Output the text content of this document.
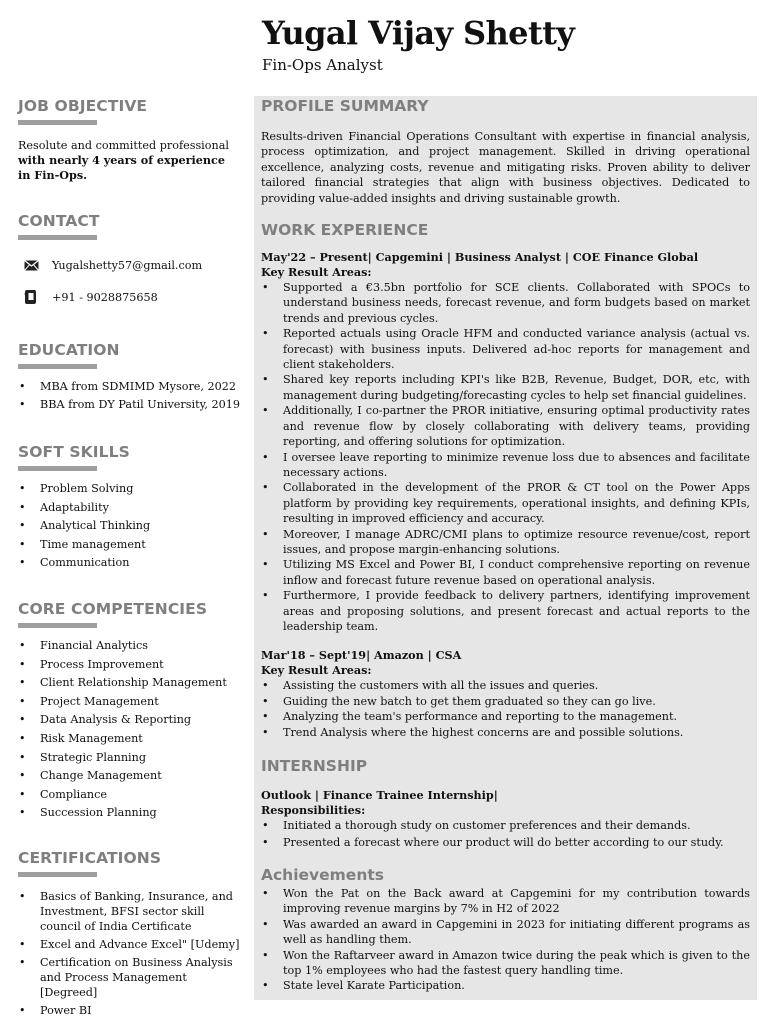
Yugal Vijay Shetty
Fin-Ops Analyst
JOB OBJECTIVE
Resolute and committed professional with nearly 4 years of experience in Fin-Ops.
CONTACT
Yugalshetty57@gmail.com
+91 - 9028875658
EDUCATION
• MBA from SDMIMD Mysore, 2022
• BBA from DY Patil University, 2019
SOFT SKILLS
• Problem Solving
• Adaptability
• Analytical Thinking
• Time management
• Communication
CORE COMPETENCIES
• Financial Analytics
• Process Improvement
• Client Relationship Management
• Project Management
• Data Analysis & Reporting
• Risk Management
• Strategic Planning
• Change Management
• Compliance
• Succession Planning
CERTIFICATIONS
• Basics of Banking, Insurance, and Investment, BFSI sector skill council of India Certificate
• Excel and Advance Excel" [Udemy]
• Certification on Business Analysis and Process Management [Degreed]
• Power BI
PROFILE SUMMARY
Results-driven Financial Operations Consultant with expertise in financial analysis, process optimization, and project management. Skilled in driving operational excellence, analyzing costs, revenue and mitigating risks. Proven ability to deliver tailored financial strategies that align with business objectives. Dedicated to providing value-added insights and driving sustainable growth.
WORK EXPERIENCE
May'22 – Present| Capgemini | Business Analyst | COE Finance Global
Key Result Areas:
• Supported a €3.5bn portfolio for SCE clients. Collaborated with SPOCs to understand business needs, forecast revenue, and form budgets based on market trends and previous cycles.
• Reported actuals using Oracle HFM and conducted variance analysis (actual vs. forecast) with business inputs. Delivered ad-hoc reports for management and client stakeholders.
• Shared key reports including KPI's like B2B, Revenue, Budget, DOR, etc, with management during budgeting/forecasting cycles to help set financial guidelines.
• Additionally, I co-partner the PROR initiative, ensuring optimal productivity rates and revenue flow by closely collaborating with delivery teams, providing reporting, and offering solutions for optimization.
• I oversee leave reporting to minimize revenue loss due to absences and facilitate necessary actions.
• Collaborated in the development of the PROR & CT tool on the Power Apps platform by providing key requirements, operational insights, and defining KPIs, resulting in improved efficiency and accuracy.
• Moreover, I manage ADRC/CMI plans to optimize resource revenue/cost, report issues, and propose margin-enhancing solutions.
• Utilizing MS Excel and Power BI, I conduct comprehensive reporting on revenue inflow and forecast future revenue based on operational analysis.
• Furthermore, I provide feedback to delivery partners, identifying improvement areas and proposing solutions, and present forecast and actual reports to the leadership team.
Mar'18 – Sept'19| Amazon | CSA
Key Result Areas:
• Assisting the customers with all the issues and queries.
• Guiding the new batch to get them graduated so they can go live.
• Analyzing the team's performance and reporting to the management.
• Trend Analysis where the highest concerns are and possible solutions.
INTERNSHIP
Outlook | Finance Trainee Internship|
Responsibilities:
• Initiated a thorough study on customer preferences and their demands.
• Presented a forecast where our product will do better according to our study.
Achievements
• Won the Pat on the Back award at Capgemini for my contribution towards improving revenue margins by 7% in H2 of 2022
• Was awarded an award in Capgemini in 2023 for initiating different programs as well as handling them.
• Won the Raftarveer award in Amazon twice during the peak which is given to the top 1% employees who had the fastest query handling time.
• State level Karate Participation.
